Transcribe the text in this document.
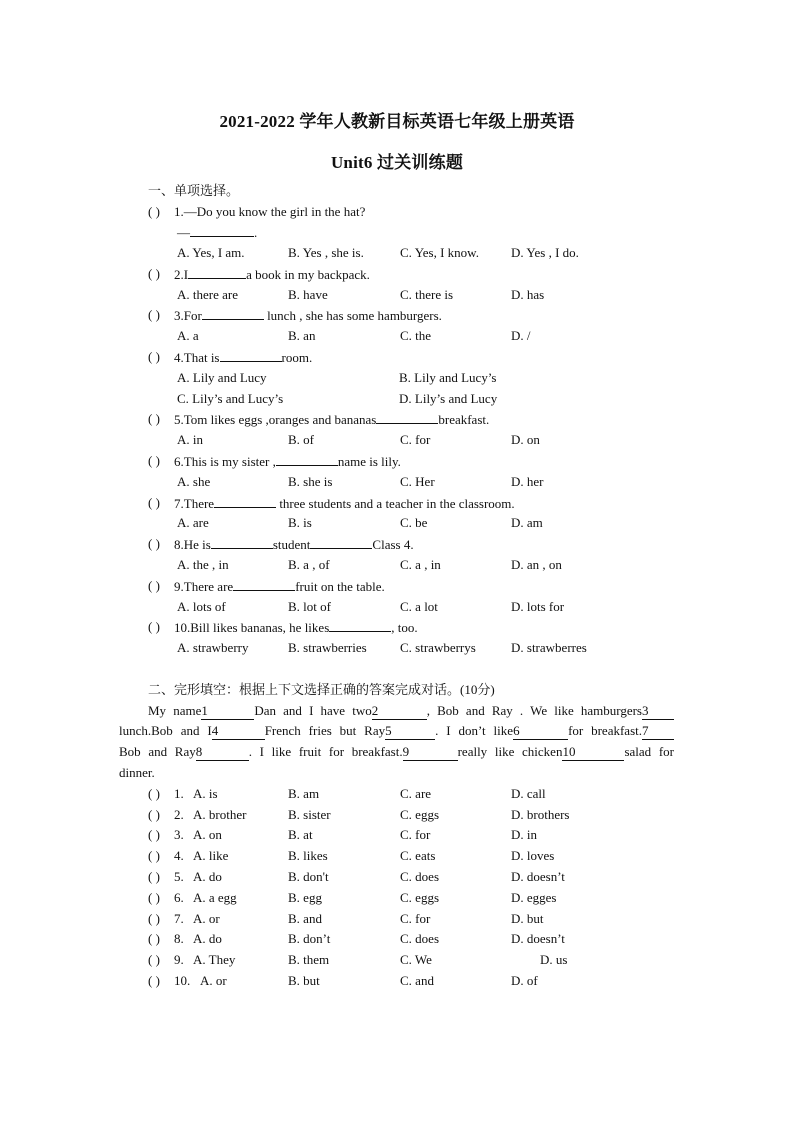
2021-2022 学年人教新目标英语七年级上册英语
Unit6 过关训练题
一、单项选择。
( ) 1.—Do you know the girl in the hat?
—	.
A. Yes, I am.	B. Yes , she is.	C. Yes, I know. D. Yes , I do.
( ) 2.I	a book in my backpack.
A. there are	B. have	C. there is	D. has
( ) 3.For	lunch , she has some hamburgers.
A. a	B. an	C. the	D. /
( ) 4.That is	room.
A. Lily and Lucy	B. Lily and Lucy’s
C. Lily’s and Lucy’s	D. Lily’s and Lucy
( ) 5.Tom likes eggs ,oranges and bananas	breakfast.
A. in	B. of	C. for	D. on
( ) 6.This is my sister ,	name is lily.
A. she	B. she is	C. Her	D. her
( ) 7.There	three students and a teacher in the classroom.
A. are	B. is	C. be	D. am
( ) 8.He is	student	Class 4.
A. the , in	B. a , of	C. a , in	D. an , on
( ) 9.There are	fruit on the table.
A. lots of	B. lot of	C. a lot	D. lots for
( ) 10.Bill likes bananas, he likes	, too.
A. strawberry	B. strawberries	C. strawberrys	D. strawberres
二、完形填空：根据上下文选择正确的答案完成对话。(10分)
My name1	Dan and I have two2	, Bob and Ray . We like hamburgers3
lunch.Bob and I4	French fries but Ray5	. I don’t like6	for breakfast.7
Bob and Ray8	. I like fruit for breakfast.9	really like chicken10	salad for
dinner.
( ) 1. A. is	B. am	C. are	D. call
( ) 2. A. brother	B. sister	C. eggs	D. brothers
( ) 3. A. on	B. at	C. for	D. in
( ) 4. A. like	B. likes	C. eats	D. loves
( ) 5. A. do	B. don't	C. does	D. doesn’t
( ) 6. A. a egg	B. egg	C. eggs	D. egges
( ) 7. A. or	B. and	C. for	D. but
( ) 8. A. do	B. don’t	C. does	D. doesn’t
( ) 9. A. They	B. them	C. We	D. us
( ) 10. A. or	B. but	C. and	D. of
